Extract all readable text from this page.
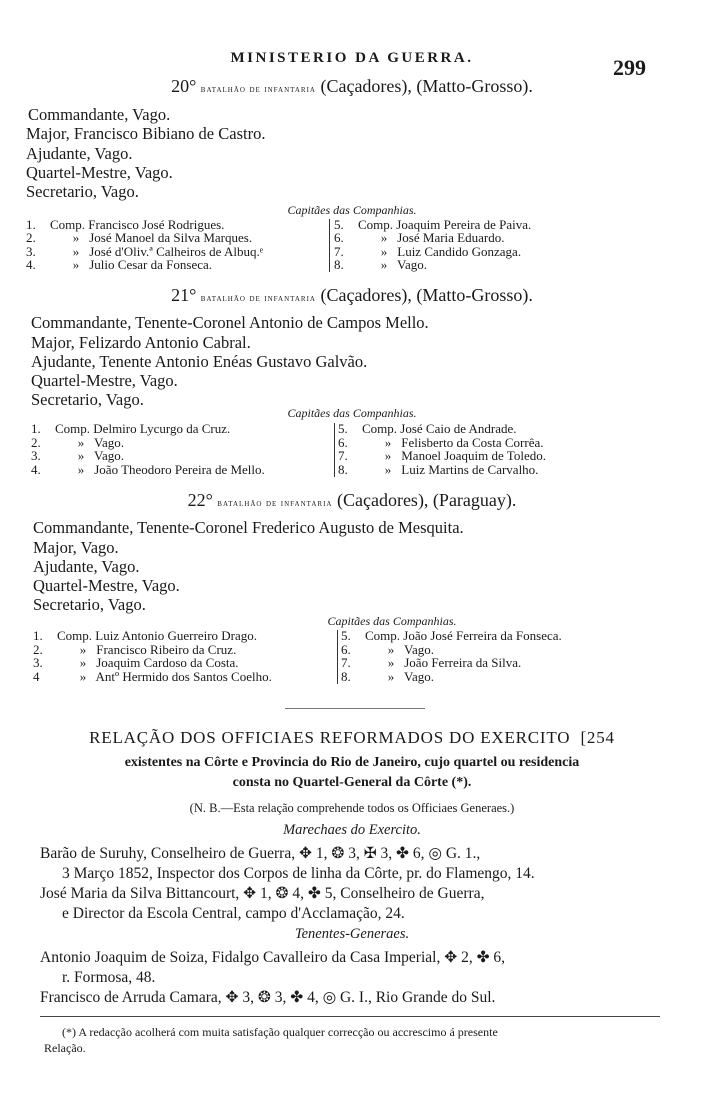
MINISTERIO DA GUERRA.	299
20° batalhão de infantaria (Caçadores), (Matto-Grosso).
Commandante, Vago.
Major, Francisco Bibiano de Castro.
Ajudante, Vago.
Quartel-Mestre, Vago.
Secretario, Vago.
Capitães das Companhias.
1. Comp. Francisco José Rodrigues.
2.	» José Manoel da Silva Marques.
3.	» José d'Oliv.ª Calheiros de Albuq.ᵉ
4.	» Julio Cesar da Fonseca.
5. Comp. Joaquim Pereira de Paiva.
6.	» José Maria Eduardo.
7.	» Luiz Candido Gonzaga.
8.	» Vago.
21° batalhão de infantaria (Caçadores), (Matto-Grosso).
Commandante, Tenente-Coronel Antonio de Campos Mello.
Major, Felizardo Antonio Cabral.
Ajudante, Tenente Antonio Enéas Gustavo Galvão.
Quartel-Mestre, Vago.
Secretario, Vago.
Capitães das Companhias.
1. Comp. Delmiro Lycurgo da Cruz.
2.	» Vago.
3.	» Vago.
4.	» João Theodoro Pereira de Mello.
5. Comp. José Caio de Andrade.
6.	» Felisberto da Costa Corrêa.
7.	» Manoel Joaquim de Toledo.
8.	» Luiz Martins de Carvalho.
22° batalhão de infantaria (Caçadores), (Paraguay).
Commandante, Tenente-Coronel Frederico Augusto de Mesquita.
Major, Vago.
Ajudante, Vago.
Quartel-Mestre, Vago.
Secretario, Vago.
Capitães das Companhias.
1. Comp. Luiz Antonio Guerreiro Drago.
2.	» Francisco Ribeiro da Cruz.
3.	» Joaquim Cardoso da Costa.
4	» Antº Hermido dos Santos Coelho.
5. Comp. João José Ferreira da Fonseca.
6.	» Vago.
7.	» João Ferreira da Silva.
8.	» Vago.
RELAÇÃO DOS OFFICIAES REFORMADOS DO EXERCITO [254
existentes na Côrte e Provincia do Rio de Janeiro, cujo quartel ou residencia
consta no Quartel-General da Côrte (*).
(N. B.—Esta relação comprehende todos os Officiaes Generaes.)
Marechaes do Exercito.
Barão de Suruhy, Conselheiro de Guerra, ✥ 1, ❂ 3, ✠ 3, ✤ 6, ◎ G. 1.,
3 Março 1852, Inspector dos Corpos de linha da Côrte, pr. do Flamengo, 14.
José Maria da Silva Bittancourt, ✥ 1, ❂ 4, ✤ 5, Conselheiro de Guerra,
e Director da Escola Central, campo d'Acclamação, 24.
Tenentes-Generaes.
Antonio Joaquim de Soiza, Fidalgo Cavalleiro da Casa Imperial, ✥ 2, ✤ 6,
r. Formosa, 48.
Francisco de Arruda Camara, ✥ 3, ❂ 3, ✤ 4, ◎ G. I., Rio Grande do Sul.
(*) A redacção acolherá com muita satisfação qualquer correcção ou accrescimo á presente
Relação.
